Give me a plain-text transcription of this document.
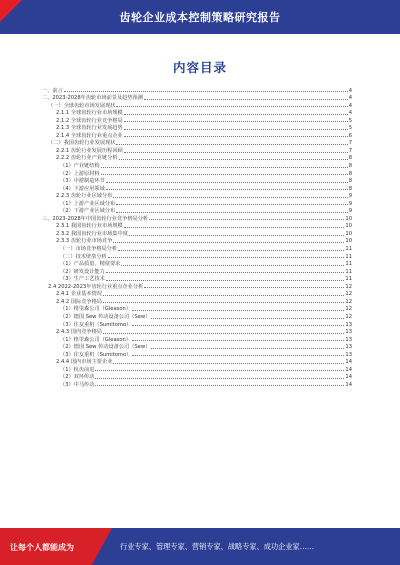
齿轮企业成本控制策略研究报告
内容目录
一、前言	4
二、2023-2028年齿轮市场前景及趋势预测	4
（一）全球齿轮市场发展现状	4
2.1.1 全球齿轮行业市场规模	4
2.1.2 全球齿轮行业竞争格局	5
2.1.3 全球齿轮行业发展趋势	5
2.1.4 全球齿轮行业重点企业	6
（二）我国齿轮行业发展现状	7
2.2.1 齿轮行业发展历程回顾	7
2.2.2 齿轮行业产业链分析	8
（1）产业链结构	8
（2）上游原材料	8
（3）中游制造环节	8
（4）下游应用领域	8
2.2.3 齿轮行业区域分布	9
（1）上游产业区域分布	9
（2）下游产业区域分布	9
三、2023-2028年中国齿轮行业竞争格局分析	10
2.3.1 我国齿轮行业市场规模	10
2.3.2 我国齿轮行业市场集中度	10
2.3.3 齿轮行业市场竞争	10
（一）市场竞争格局分析	11
（二）技术壁垒分析	11
（1）产品质量、精度要求	11
（2）研发设计能力	11
（3）生产工艺技术	11
2.4 2022-2023年齿轮行业重点企业分析	12
2.4.1 企业基本情况	12
2.4.2 国际竞争格局	12
（1）格里森公司（Gleason）	12
（2）德国 Sew 传动设备公司（Sew）	12
（3）住友重机（Sumitomo）	13
2.4.3 国内竞争格局	13
（1）格里森公司（Gleason）	13
（2）德国 Sew 传动设备公司（Sew）	13
（3）住友重机（Sumitomo）	13
2.4.4 国内市场主要企业	14
（1）杭齿前进	14
（2）双环传动	14
（3）中马传动	14
让每个人都能成为	行业专家、管理专家、营销专家、战略专家、成功企业家……
